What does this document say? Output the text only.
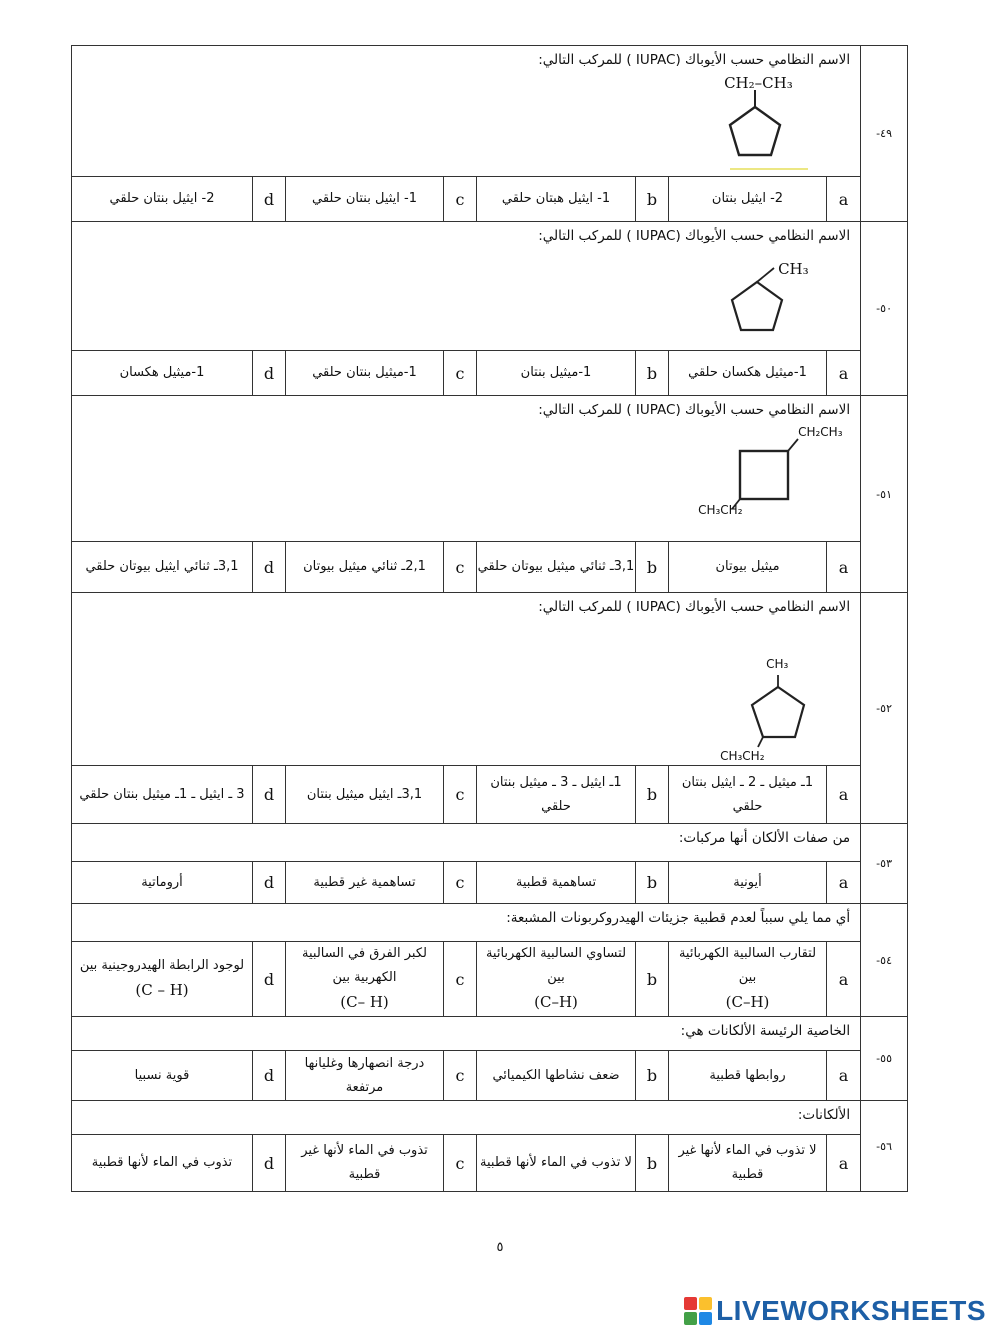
الاسم النظامي حسب الأيوباك (IUPAC ) للمركب التالي:
CH₂–CH₃								-٤٩
2- ايثيل بنتان حلقي	d	1- ايثيل بنتان حلقي	c	1- ايثيل هبتان حلقي	b	2- ايثيل بنتان	a	

الاسم النظامي حسب الأيوباك (IUPAC ) للمركب التالي:
CH₃								-٥٠
1-ميثيل هكسان	d	1-ميثيل بنتان حلقي	c	1-ميثيل بنتان	b	1-ميثيل هكسان حلقي	a	

الاسم النظامي حسب الأيوباك (IUPAC ) للمركب التالي:
CH₂CH₃
CH₃CH₂								-٥١
3,1ـ ثنائي ايثيل بيوتان حلقي	d	2,1ـ ثنائي ميثيل بيوتان	c	3,1ـ ثنائي ميثيل بيوتان حلقي	b	ميثيل بيوتان	a	

الاسم النظامي حسب الأيوباك (IUPAC ) للمركب التالي:
CH₃
CH₃CH₂								-٥٢
3 ـ ايثيل ـ 1ـ ميثيل بنتان حلقي	d	3,1ـ ايثيل ميثيل بنتان	c	1ـ ايثيل ـ 3 ـ ميثيل بنتان حلقي	b	1ـ ميثيل ـ 2 ـ ايثيل بنتان حلقي	a	

من صفات الألكان أنها مركبات:								-٥٣
أروماتية	d	تساهمية غير قطبية	c	تساهمية قطبية	b	أيونية	a	

أي مما يلي سبباً لعدم قطبية جزيئات الهيدروكربونات المشبعة:								-٥٤
لوجود الرابطة الهيدروجينية بين
(C – H)	d	لكبر الفرق في السالبية الكهربية بين
(C– H)	c	لتساوي السالبية الكهربائية بين
(C–H)	b	لتقارب السالبية الكهربائية بين
(C–H)	a	

الخاصية الرئيسة الألكانات هي:								-٥٥
قوية نسبيا	d	درجة انصهارها وغليانها مرتفعة	c	ضعف نشاطها الكيميائي	b	روابطها قطبية	a	

الألكانات:								-٥٦
تذوب في الماء لأنها قطبية	d	تذوب في الماء لأنها غير قطبية	c	لا تذوب في الماء لأنها قطبية	b	لا تذوب في الماء لأنها غير قطبية	a	
٥
LIVEWORKSHEETS
